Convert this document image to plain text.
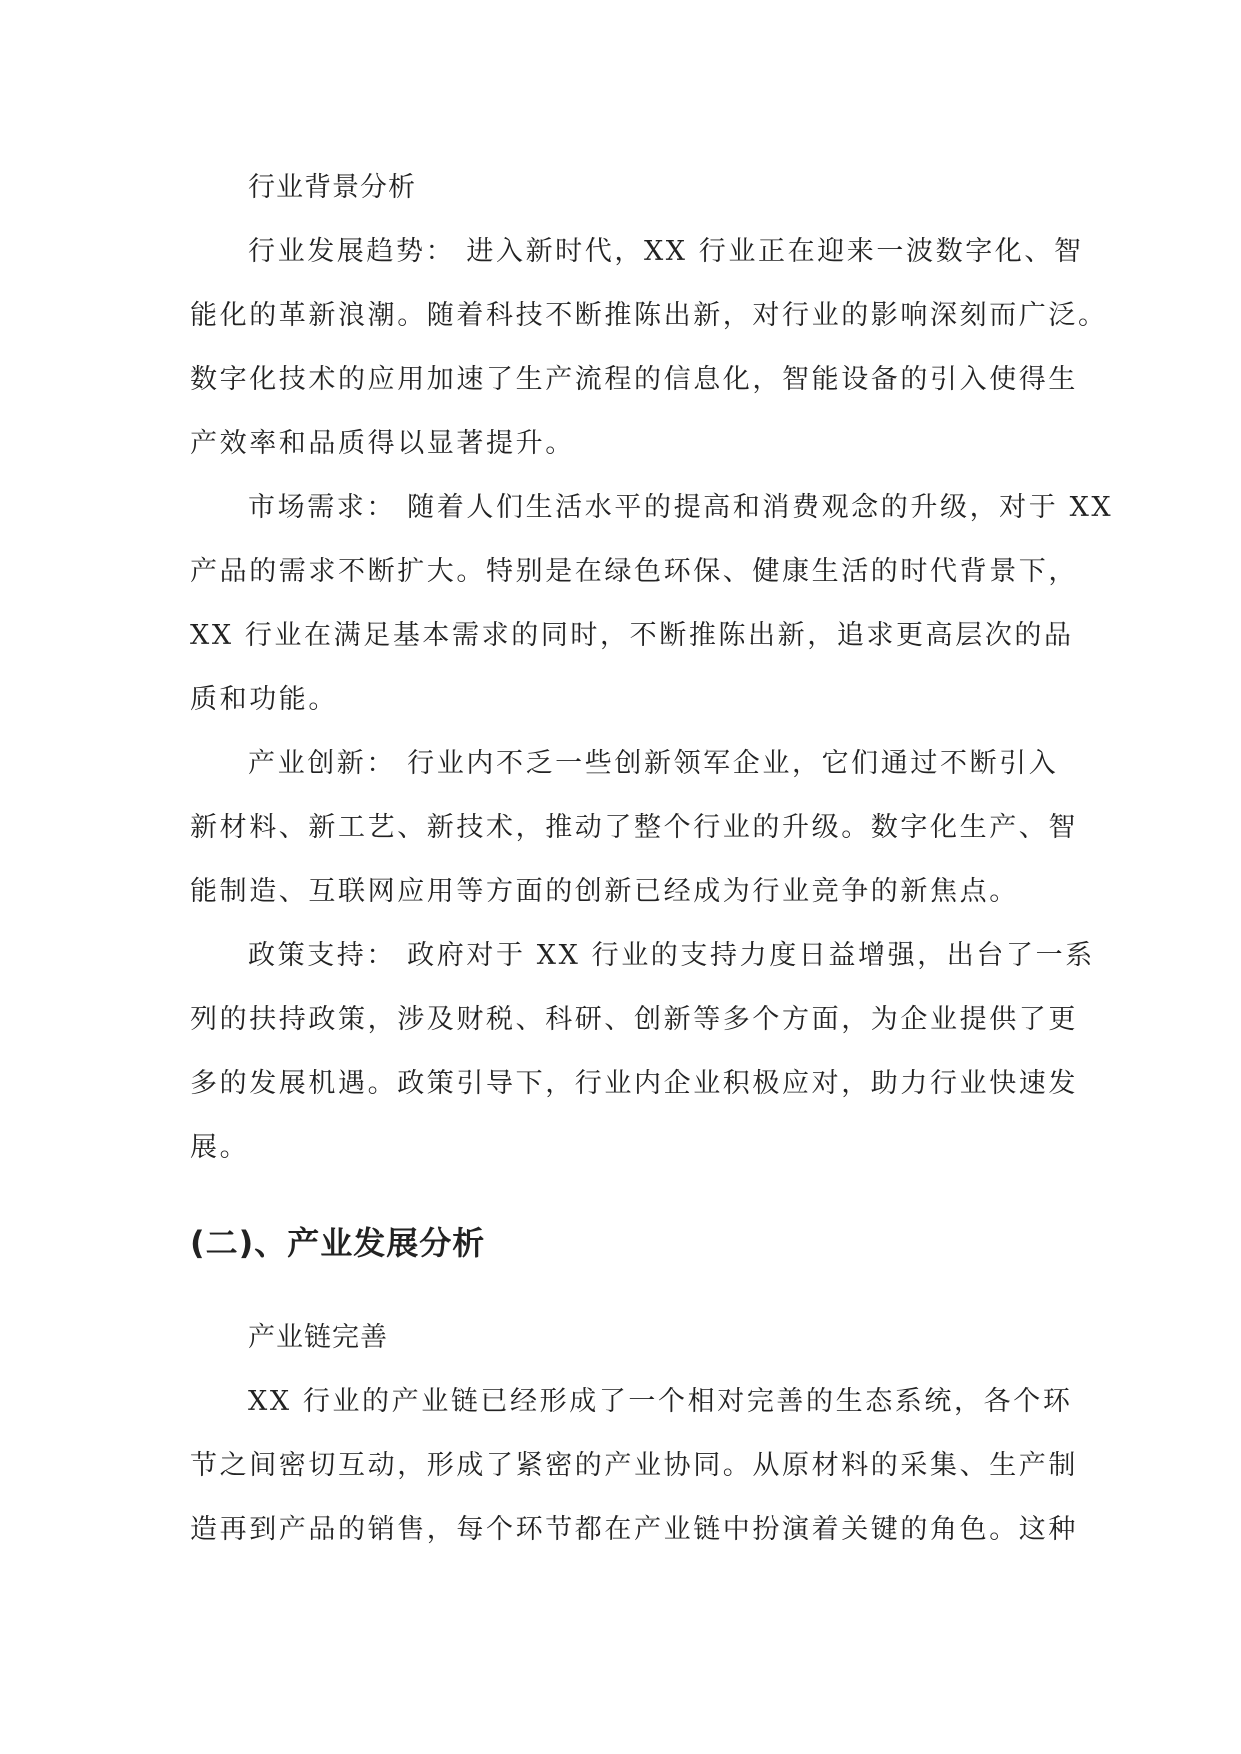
行业背景分析

行业发展趋势： 进入新时代，XX 行业正在迎来一波数字化、智
能化的革新浪潮。随着科技不断推陈出新，对行业的影响深刻而广泛。
数字化技术的应用加速了生产流程的信息化，智能设备的引入使得生
产效率和品质得以显著提升。

市场需求： 随着人们生活水平的提高和消费观念的升级，对于 XX
产品的需求不断扩大。特别是在绿色环保、健康生活的时代背景下，
XX 行业在满足基本需求的同时，不断推陈出新，追求更高层次的品
质和功能。

产业创新： 行业内不乏一些创新领军企业，它们通过不断引入
新材料、新工艺、新技术，推动了整个行业的升级。数字化生产、智
能制造、互联网应用等方面的创新已经成为行业竞争的新焦点。

政策支持： 政府对于 XX 行业的支持力度日益增强，出台了一系
列的扶持政策，涉及财税、科研、创新等多个方面，为企业提供了更
多的发展机遇。政策引导下，行业内企业积极应对，助力行业快速发
展。

(二)、产业发展分析
产业链完善

XX 行业的产业链已经形成了一个相对完善的生态系统，各个环
节之间密切互动，形成了紧密的产业协同。从原材料的采集、生产制
造再到产品的销售，每个环节都在产业链中扮演着关键的角色。这种
